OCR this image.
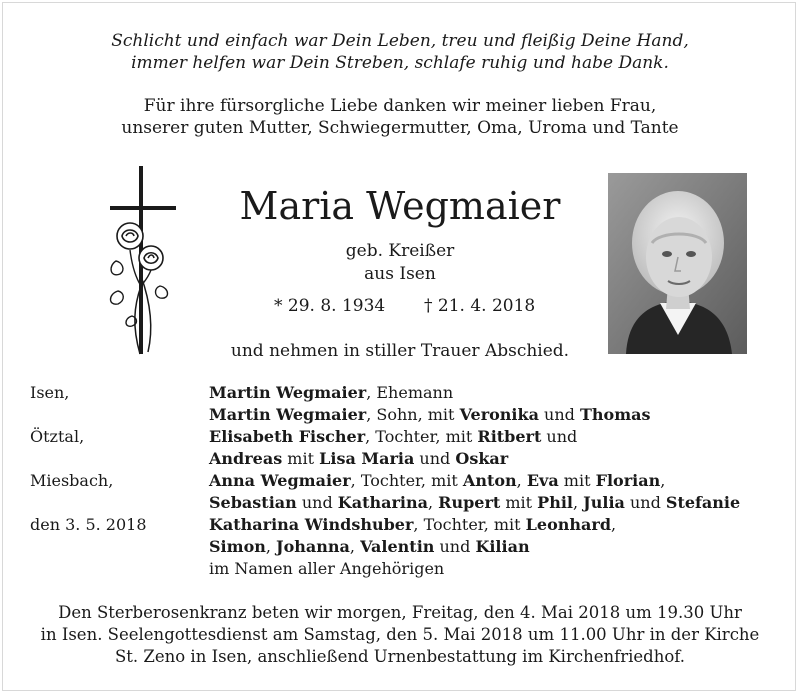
Schlicht und einfach war Dein Leben, treu und fleißig Deine Hand,
immer helfen war Dein Streben, schlafe ruhig und habe Dank.
Für ihre fürsorgliche Liebe danken wir meiner lieben Frau,
unserer guten Mutter, Schwiegermutter, Oma, Uroma und Tante
Maria Wegmaier
geb. Kreißer
aus Isen
* 29. 8. 1934 † 21. 4. 2018
und nehmen in stiller Trauer Abschied.
Isen,
Ötztal,
Miesbach,
den 3. 5. 2018
Martin Wegmaier, Ehemann
Martin Wegmaier, Sohn, mit Veronika und Thomas
Elisabeth Fischer, Tochter, mit Ritbert und
Andreas mit Lisa Maria und Oskar
Anna Wegmaier, Tochter, mit Anton, Eva mit Florian,
Sebastian und Katharina, Rupert mit Phil, Julia und Stefanie
Katharina Windshuber, Tochter, mit Leonhard,
Simon, Johanna, Valentin und Kilian
im Namen aller Angehörigen
Den Sterberosenkranz beten wir morgen, Freitag, den 4. Mai 2018 um 19.30 Uhr
in Isen. Seelengottesdienst am Samstag, den 5. Mai 2018 um 11.00 Uhr in der Kirche
St. Zeno in Isen, anschließend Urnenbestattung im Kirchenfriedhof.
